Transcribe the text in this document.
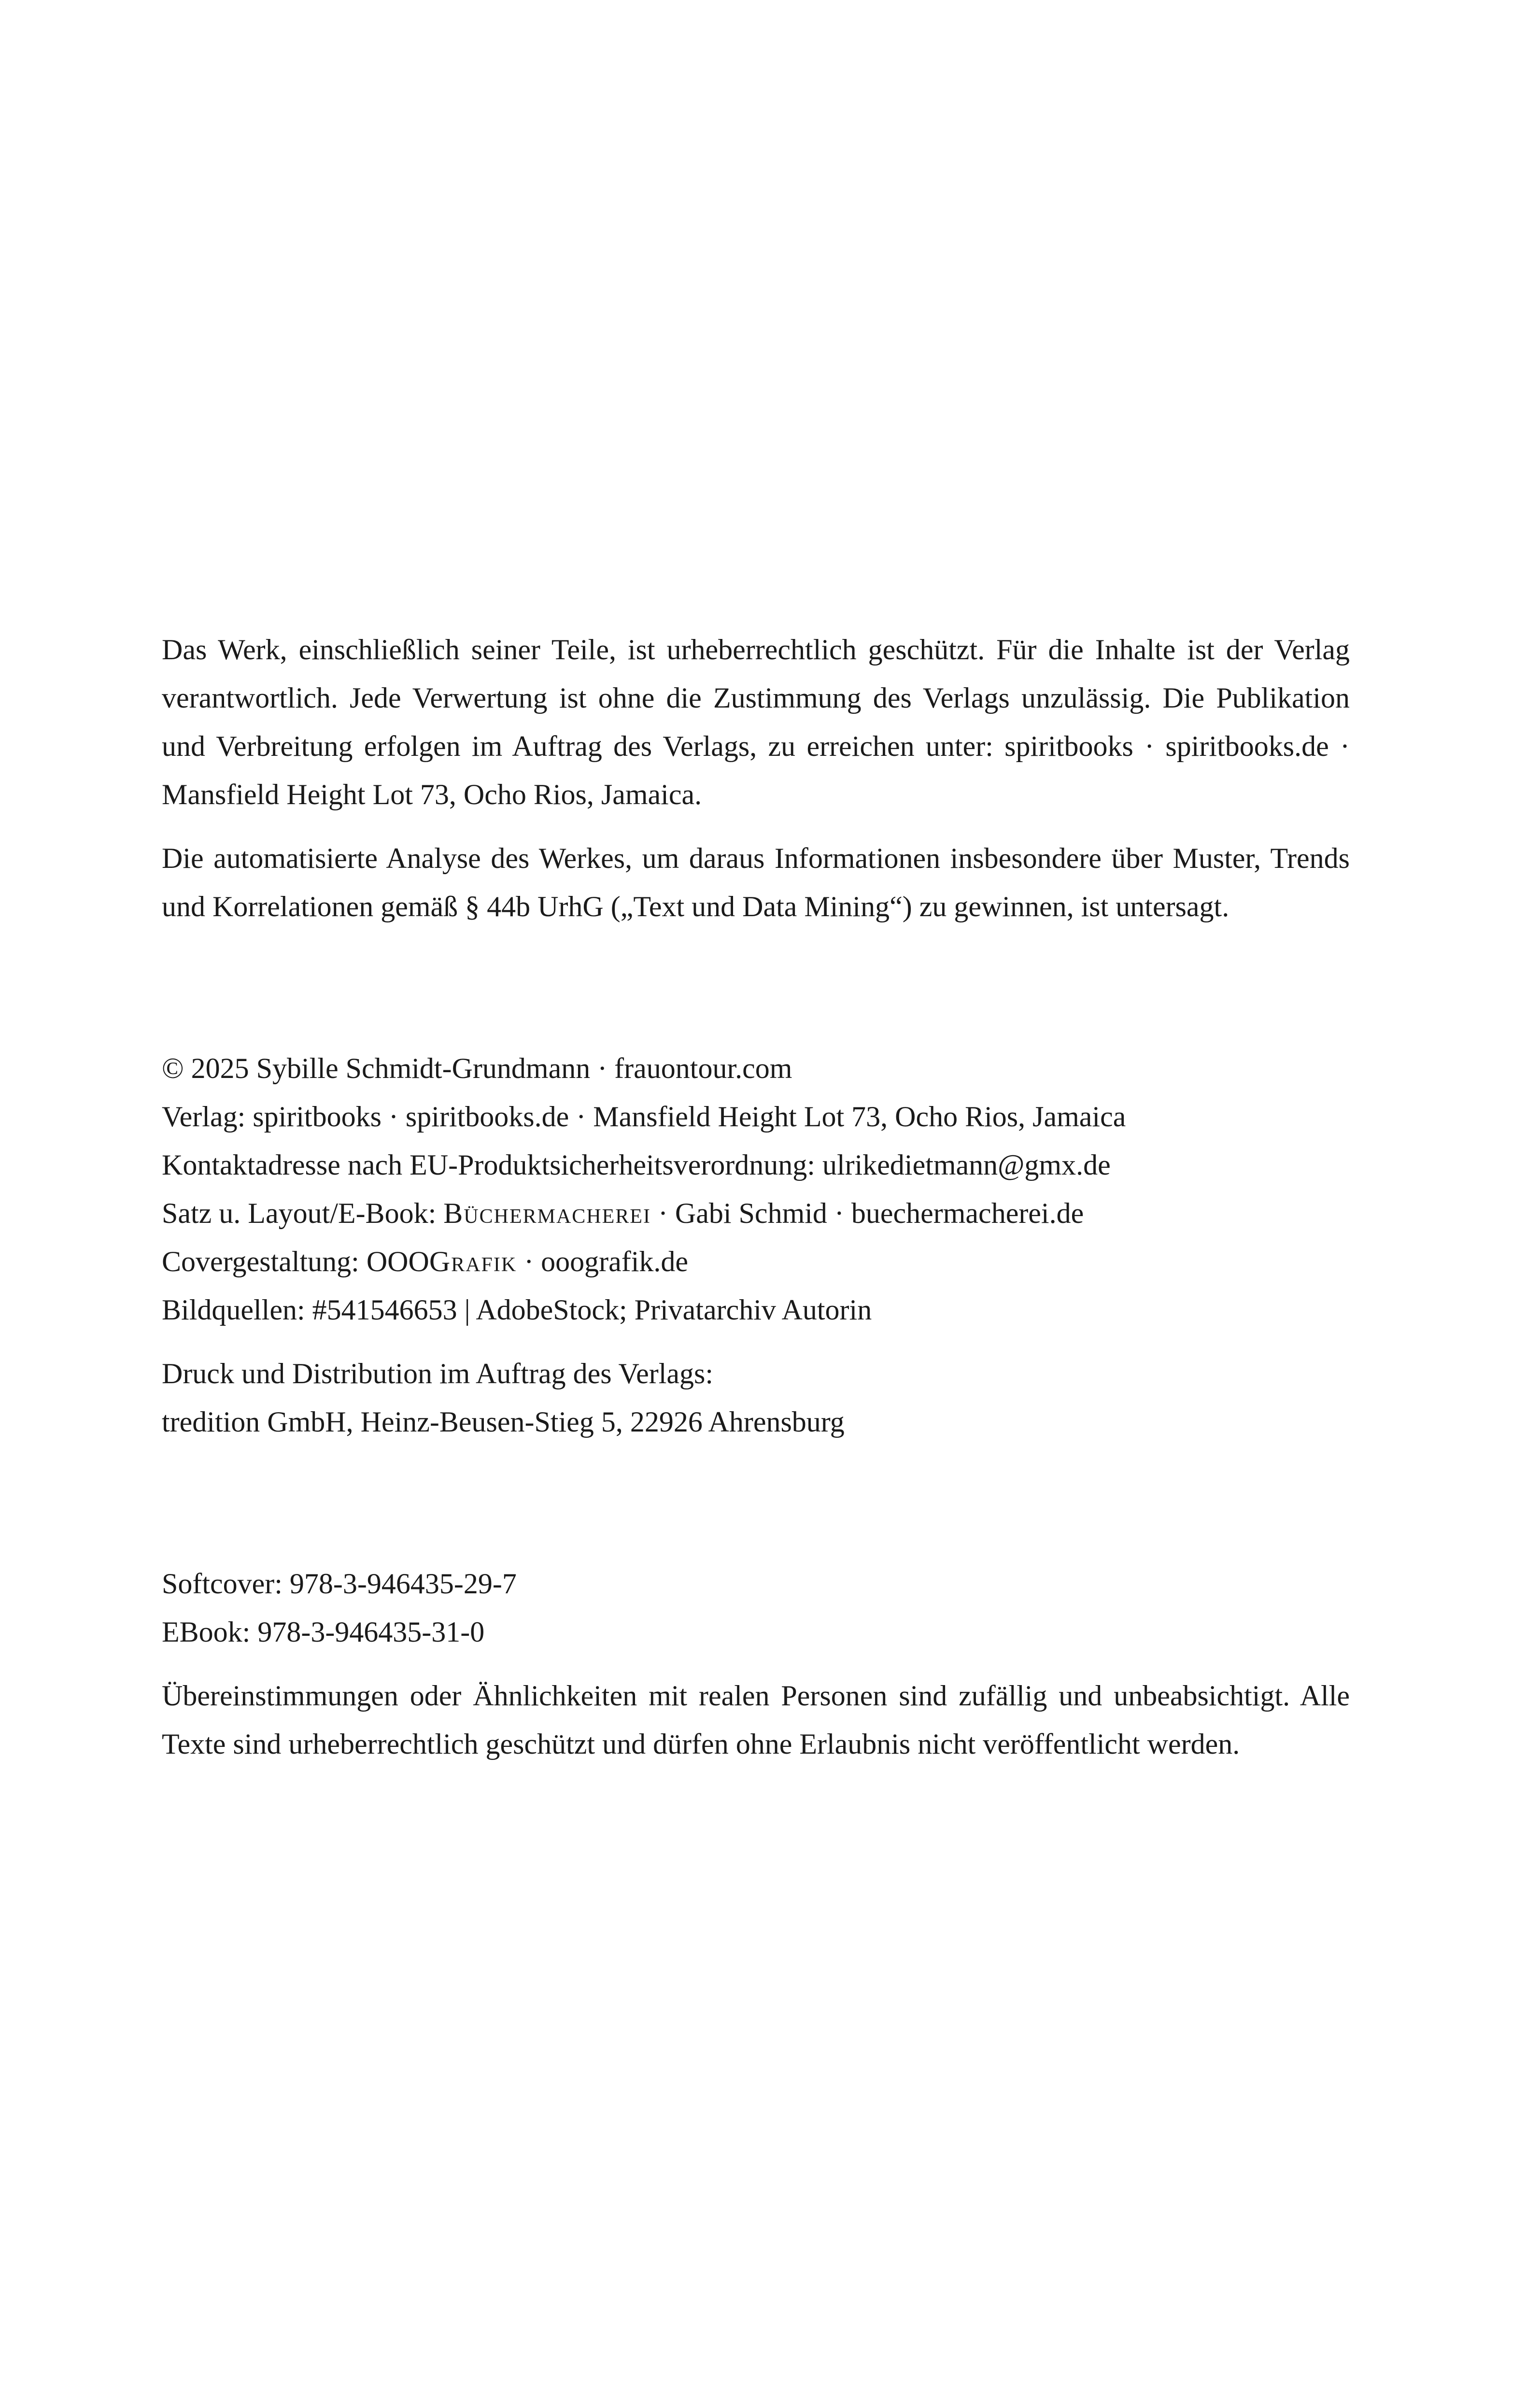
Das Werk, einschließlich seiner Teile, ist urheberrechtlich geschützt. Für die Inhalte ist der Verlag verantwortlich. Jede Verwertung ist ohne die Zustimmung des Verlags unzulässig. Die Publikation und Verbreitung erfolgen im Auftrag des Verlags, zu erreichen unter: spiritbooks · spiritbooks.de · Mansfield Height Lot 73, Ocho Rios, Jamaica.

Die automatisierte Analyse des Werkes, um daraus Informationen insbesondere über Muster, Trends und Korrelationen gemäß § 44b UrhG („Text und Data Mining“) zu gewinnen, ist untersagt.

© 2025 Sybille Schmidt-Grundmann · frauontour.com
Verlag: spiritbooks · spiritbooks.de · Mansfield Height Lot 73, Ocho Rios, Jamaica
Kontaktadresse nach EU-Produktsicherheitsverordnung: ulrikedietmann@gmx.de
Satz u. Layout/E-Book: Büchermacherei · Gabi Schmid · buechermacherei.de
Covergestaltung: OOOGrafik · ooografik.de
Bildquellen: #541546653 | AdobeStock; Privatarchiv Autorin
Druck und Distribution im Auftrag des Verlags:
tredition GmbH, Heinz-Beusen-Stieg 5, 22926 Ahrensburg
Softcover: 978-3-946435-29-7
EBook: 978-3-946435-31-0

Übereinstimmungen oder Ähnlichkeiten mit realen Personen sind zufällig und unbeabsichtigt. Alle Texte sind urheberrechtlich geschützt und dürfen ohne Erlaubnis nicht veröffentlicht werden.
